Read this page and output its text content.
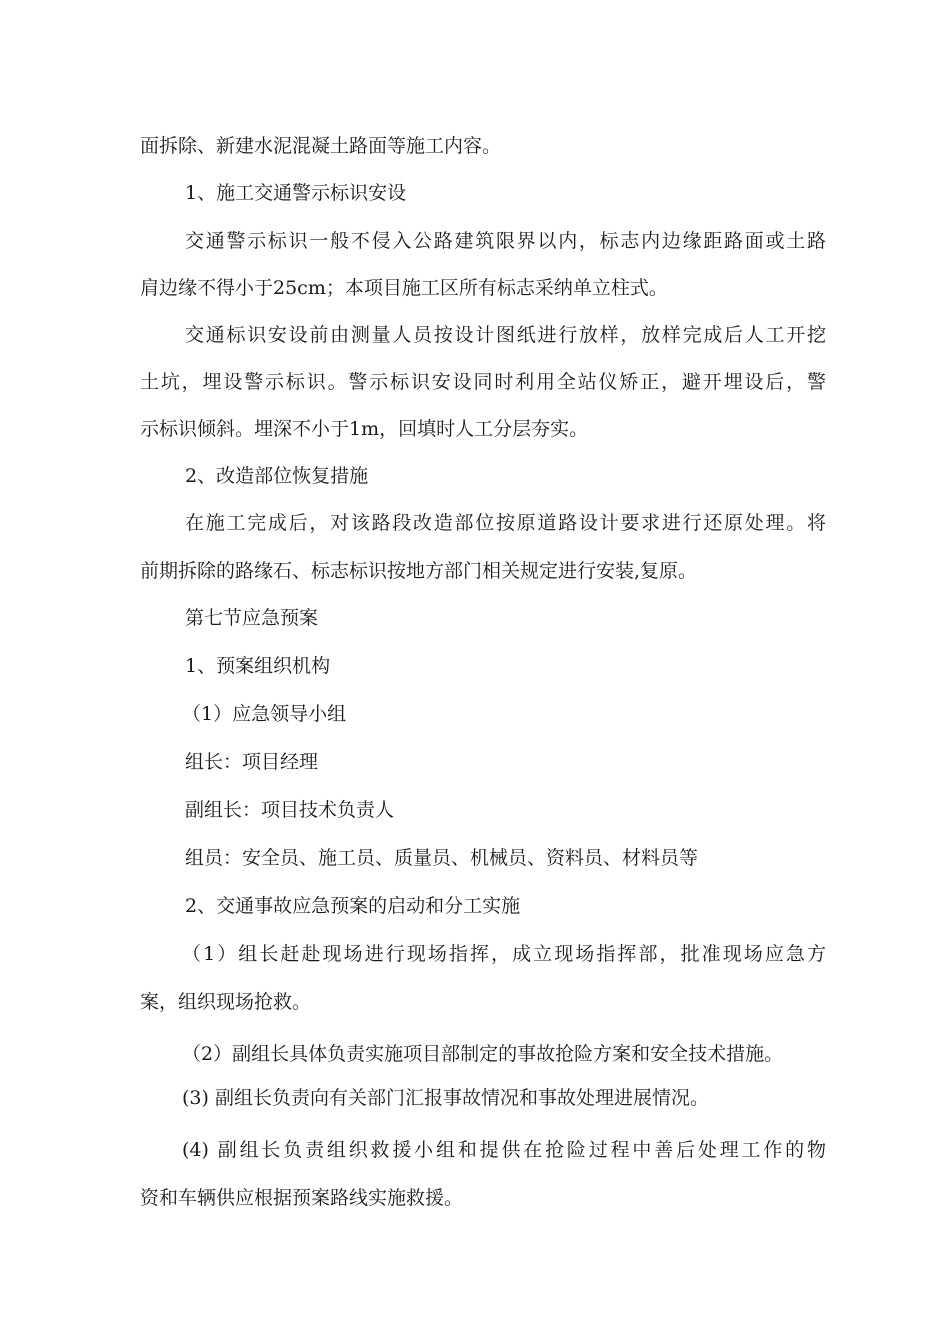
面拆除、新建水泥混凝土路面等施工内容。
1、施工交通警示标识安设
交通警示标识一般不侵入公路建筑限界以内，标志内边缘距路面或土路
肩边缘不得小于25cm；本项目施工区所有标志采纳单立柱式。
交通标识安设前由测量人员按设计图纸进行放样，放样完成后人工开挖
土坑，埋设警示标识。警示标识安设同时利用全站仪矫正，避开埋设后，警
示标识倾斜。埋深不小于1m，回填时人工分层夯实。
2、改造部位恢复措施
在施工完成后，对该路段改造部位按原道路设计要求进行还原处理。将
前期拆除的路缘石、标志标识按地方部门相关规定进行安装,复原。
第七节应急预案
1、预案组织机构
（1）应急领导小组
组长：项目经理
副组长：项目技术负责人
组员：安全员、施工员、质量员、机械员、资料员、材料员等
2、交通事故应急预案的启动和分工实施
（1）组长赶赴现场进行现场指挥，成立现场指挥部，批准现场应急方
案，组织现场抢救。
（2）副组长具体负责实施项目部制定的事故抢险方案和安全技术措施。
(3) 副组长负责向有关部门汇报事故情况和事故处理进展情况。
(4) 副组长负责组织救援小组和提供在抢险过程中善后处理工作的物
资和车辆供应根据预案路线实施救援。
